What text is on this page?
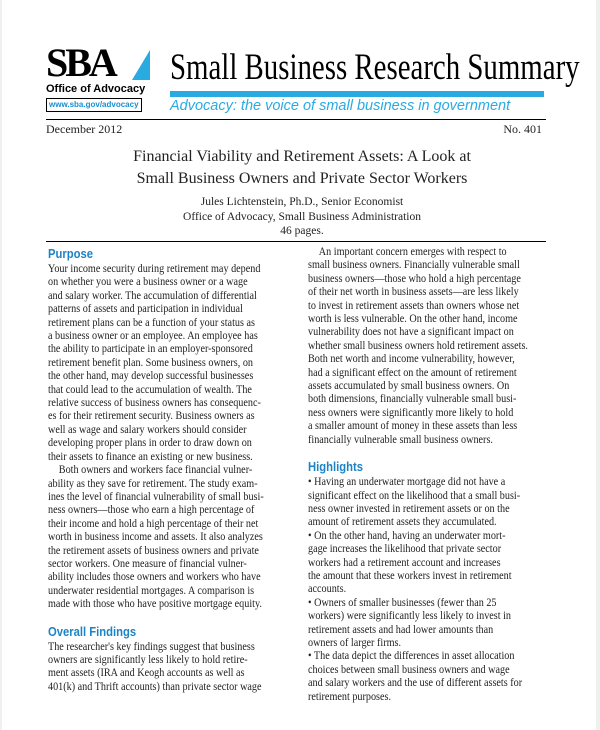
SBA
Office of Advocacy
www.sba.gov/advocacy
Small Business Research Summary
Advocacy: the voice of small business in government
December 2012	No. 401
Financial Viability and Retirement Assets: A Look at
Small Business Owners and Private Sector Workers
Jules Lichtenstein, Ph.D., Senior Economist
Office of Advocacy, Small Business Administration
46 pages.
Purpose
Your income security during retirement may depend
on whether you were a business owner or a wage
and salary worker. The accumulation of differential
patterns of assets and participation in individual
retirement plans can be a function of your status as
a business owner or an employee. An employee has
the ability to participate in an employer-sponsored
retirement benefit plan. Some business owners, on
the other hand, may develop successful businesses
that could lead to the accumulation of wealth. The
relative success of business owners has consequenc-
es for their retirement security. Business owners as
well as wage and salary workers should consider
developing proper plans in order to draw down on
their assets to finance an existing or new business.
Both owners and workers face financial vulner-
ability as they save for retirement. The study exam-
ines the level of financial vulnerability of small busi-
ness owners—those who earn a high percentage of
their income and hold a high percentage of their net
worth in business income and assets. It also analyzes
the retirement assets of business owners and private
sector workers. One measure of financial vulner-
ability includes those owners and workers who have
underwater residential mortgages. A comparison is
made with those who have positive mortgage equity.
Overall Findings
The researcher's key findings suggest that business
owners are significantly less likely to hold retire-
ment assets (IRA and Keogh accounts as well as
401(k) and Thrift accounts) than private sector wage
An important concern emerges with respect to
small business owners. Financially vulnerable small
business owners—those who hold a high percentage
of their net worth in business assets—are less likely
to invest in retirement assets than owners whose net
worth is less vulnerable. On the other hand, income
vulnerability does not have a significant impact on
whether small business owners hold retirement assets.
Both net worth and income vulnerability, however,
had a significant effect on the amount of retirement
assets accumulated by small business owners. On
both dimensions, financially vulnerable small busi-
ness owners were significantly more likely to hold
a smaller amount of money in these assets than less
financially vulnerable small business owners.
Highlights
• Having an underwater mortgage did not have a
significant effect on the likelihood that a small busi-
ness owner invested in retirement assets or on the
amount of retirement assets they accumulated.
• On the other hand, having an underwater mort-
gage increases the likelihood that private sector
workers had a retirement account and increases
the amount that these workers invest in retirement
accounts.
• Owners of smaller businesses (fewer than 25
workers) were significantly less likely to invest in
retirement assets and had lower amounts than
owners of larger firms.
• The data depict the differences in asset allocation
choices between small business owners and wage
and salary workers and the use of different assets for
retirement purposes.
